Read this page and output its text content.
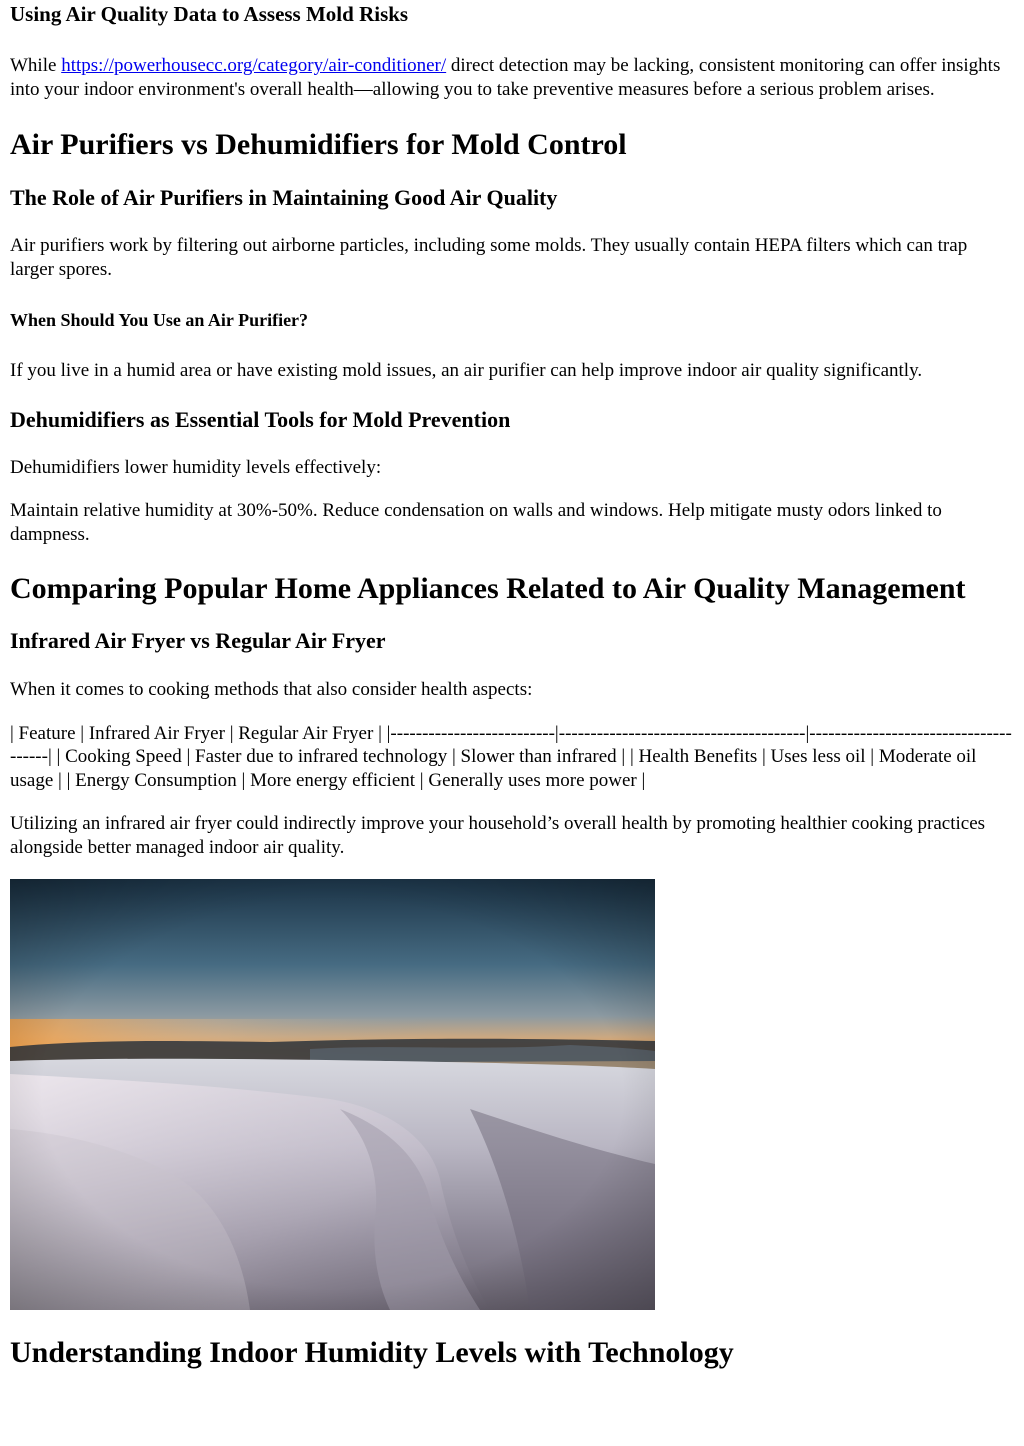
Using Air Quality Data to Assess Mold Risks

While https://powerhousecc.org/category/air-conditioner/ direct detection may be lacking, consistent monitoring can offer insights into your indoor environment's overall health—allowing you to take preventive measures before a serious problem arises.

Air Purifiers vs Dehumidifiers for Mold Control
The Role of Air Purifiers in Maintaining Good Air Quality

Air purifiers work by filtering out airborne particles, including some molds. They usually contain HEPA filters which can trap larger spores.

When Should You Use an Air Purifier?

If you live in a humid area or have existing mold issues, an air purifier can help improve indoor air quality significantly.

Dehumidifiers as Essential Tools for Mold Prevention

Dehumidifiers lower humidity levels effectively:

Maintain relative humidity at 30%-50%. Reduce condensation on walls and windows. Help mitigate musty odors linked to dampness.

Comparing Popular Home Appliances Related to Air Quality Management
Infrared Air Fryer vs Regular Air Fryer

When it comes to cooking methods that also consider health aspects:

| Feature | Infrared Air Fryer | Regular Air Fryer | |--------------------------|---------------------------------------|--------------------------------------| | Cooking Speed | Faster due to infrared technology | Slower than infrared | | Health Benefits | Uses less oil | Moderate oil usage | | Energy Consumption | More energy efficient | Generally uses more power |

Utilizing an infrared air fryer could indirectly improve your household’s overall health by promoting healthier cooking practices alongside better managed indoor air quality.

Understanding Indoor Humidity Levels with Technology
